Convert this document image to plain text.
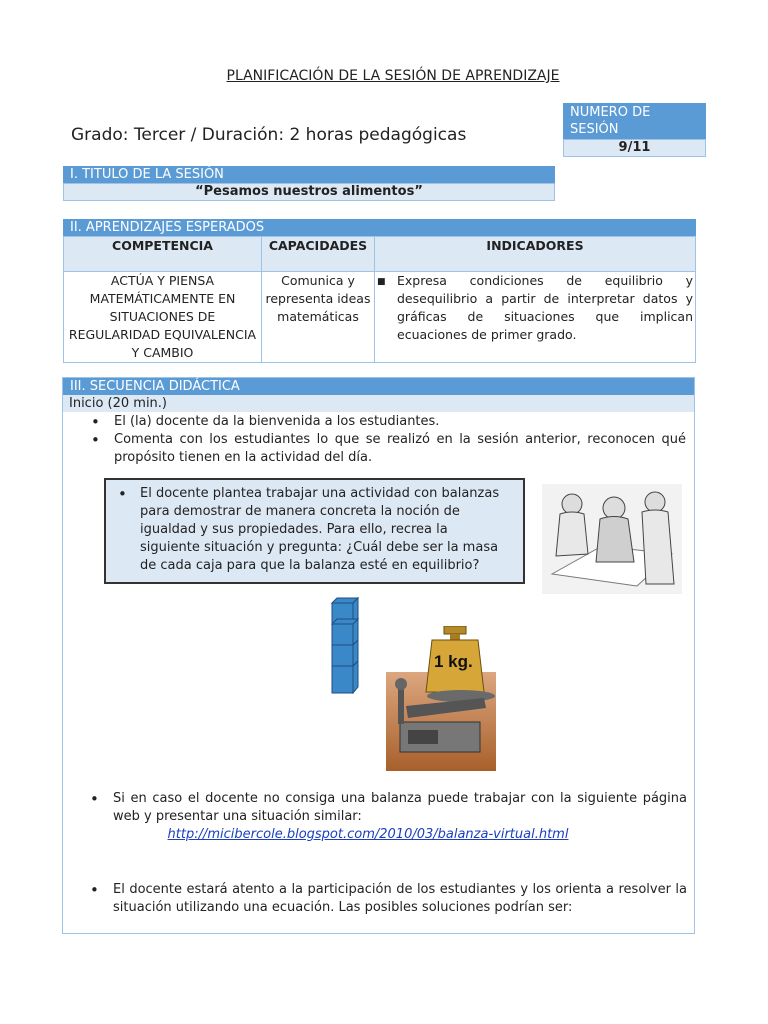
PLANIFICACIÓN DE LA SESIÓN DE APRENDIZAJE
Grado: Tercer / Duración: 2 horas pedagógicas
NUMERO DE SESIÓN
9/11
I. TITULO DE LA SESIÓN
“Pesamos nuestros alimentos”
II. APRENDIZAJES ESPERADOS
COMPETENCIA	CAPACIDADES	INDICADORES
ACTÚA Y PIENSA MATEMÁTICAMENTE EN SITUACIONES DE REGULARIDAD EQUIVALENCIA Y CAMBIO	Comunica y representa ideas matemáticas	■ Expresa condiciones de equilibrio y desequilibrio a partir de interpretar datos y gráficas de situaciones que implican ecuaciones de primer grado.
III. SECUENCIA DIDÁCTICA
Inicio (20 min.)
• El (la) docente da la bienvenida a los estudiantes.
• Comenta con los estudiantes lo que se realizó en la sesión anterior, reconocen qué propósito tienen en la actividad del día.
• El docente plantea trabajar una actividad con balanzas para demostrar de manera concreta la noción de igualdad y sus propiedades. Para ello, recrea la siguiente situación y pregunta: ¿Cuál debe ser la masa de cada caja para que la balanza esté en equilibrio?
1 kg.
• Si en caso el docente no consiga una balanza puede trabajar con la siguiente página web y presentar una situación similar:
http://micibercole.blogspot.com/2010/03/balanza-virtual.html
• El docente estará atento a la participación de los estudiantes y los orienta a resolver la situación utilizando una ecuación. Las posibles soluciones podrían ser:
